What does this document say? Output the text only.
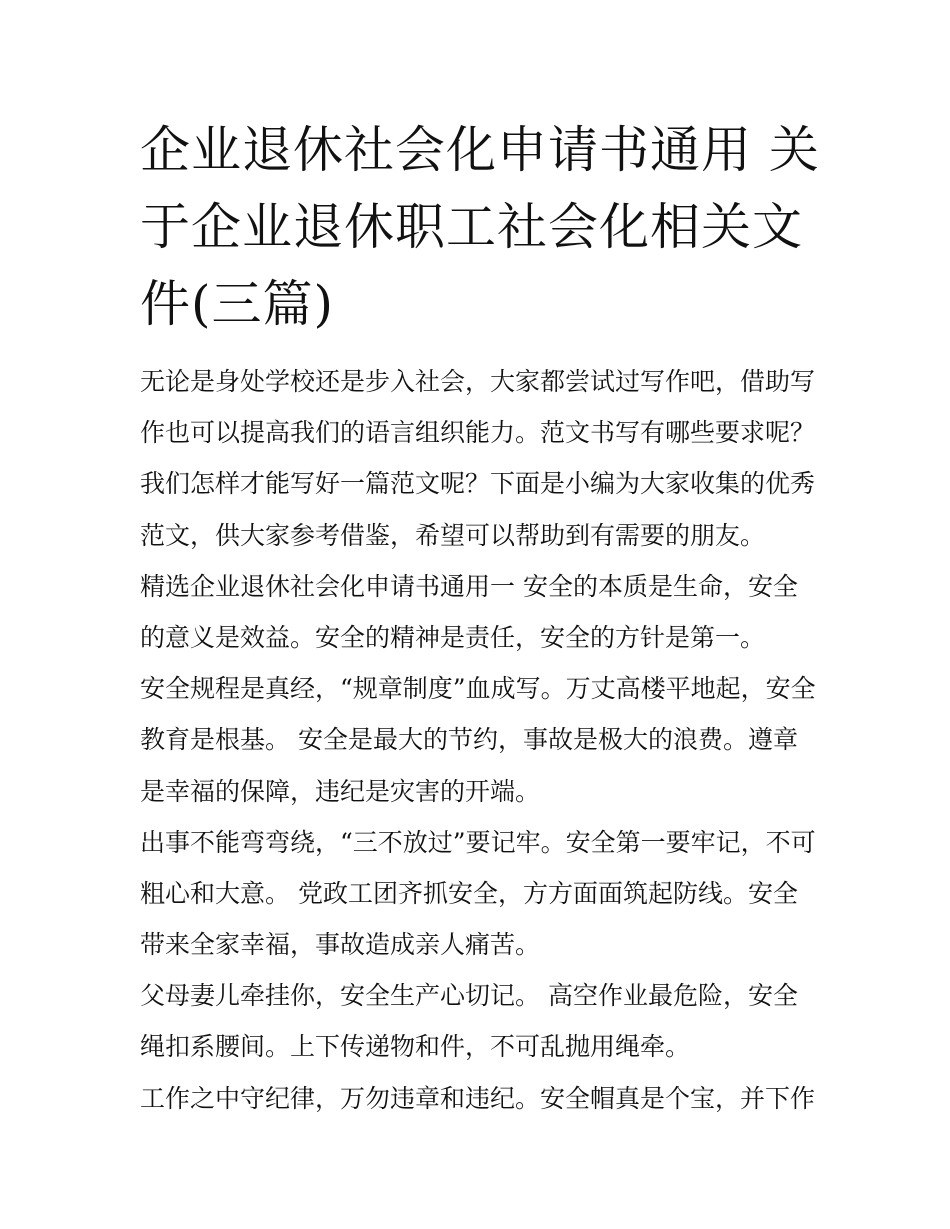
企业退休社会化申请书通用 关
于企业退休职工社会化相关文
件(三篇)
无论是身处学校还是步入社会，大家都尝试过写作吧，借助写
作也可以提高我们的语言组织能力。范文书写有哪些要求呢？
我们怎样才能写好一篇范文呢？下面是小编为大家收集的优秀
范文，供大家参考借鉴，希望可以帮助到有需要的朋友。
精选企业退休社会化申请书通用一 安全的本质是生命，安全
的意义是效益。安全的精神是责任，安全的方针是第一。
安全规程是真经，“规章制度”血成写。万丈高楼平地起，安全
教育是根基。 安全是最大的节约，事故是极大的浪费。遵章
是幸福的保障，违纪是灾害的开端。
出事不能弯弯绕，“三不放过”要记牢。安全第一要牢记，不可
粗心和大意。 党政工团齐抓安全，方方面面筑起防线。安全
带来全家幸福，事故造成亲人痛苦。
父母妻儿牵挂你，安全生产心切记。 高空作业最危险，安全
绳扣系腰间。上下传递物和件，不可乱抛用绳牵。
工作之中守纪律，万勿违章和违纪。安全帽真是个宝，并下作
